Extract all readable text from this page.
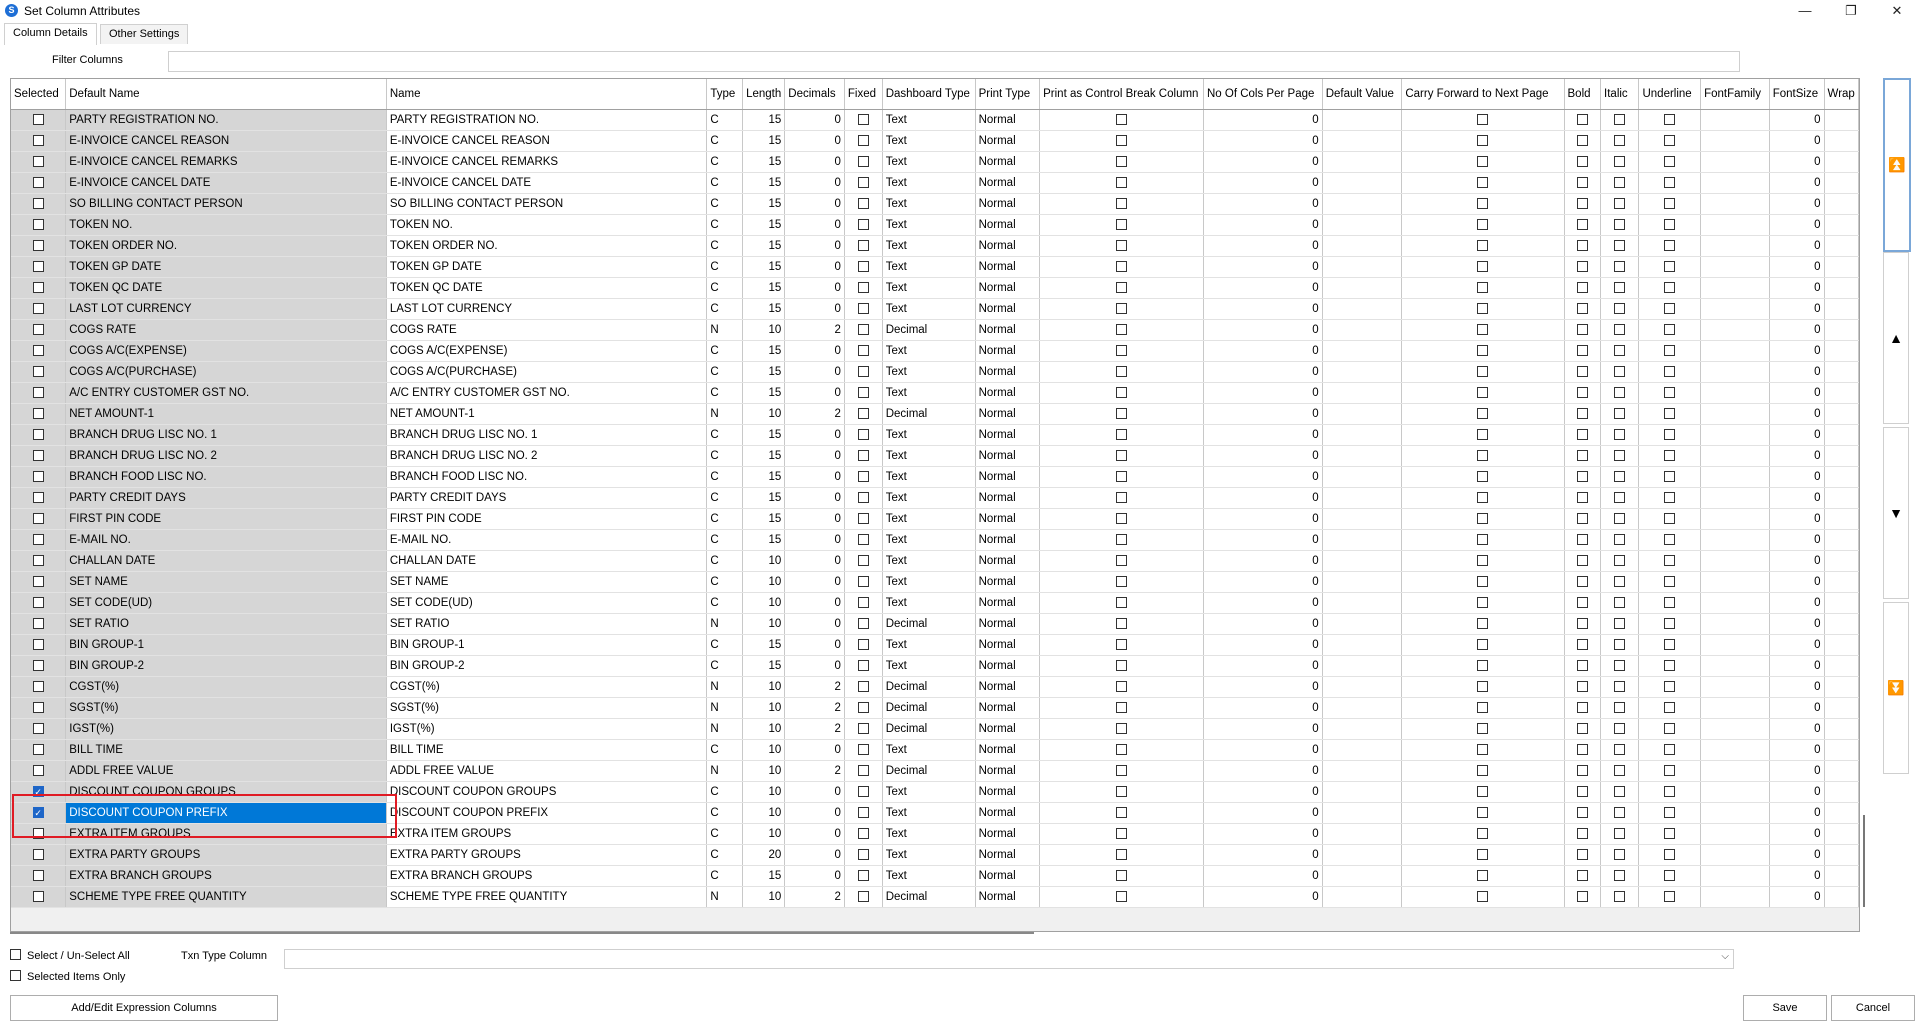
S Set Column Attributes	—	❐	✕
Column Details	Other Settings
Filter Columns
Selected	Default Name	Name	Type	Length	Decimals	Fixed	Dashboard Type	Print Type	Print as Control Break Column	No Of Cols Per Page	Default Value	Carry Forward to Next Page	Bold	Italic	Underline	FontFamily	FontSize	Wrap
	PARTY REGISTRATION NO.	PARTY REGISTRATION NO.	C	15	0		Text	Normal		0							0	
	E-INVOICE CANCEL REASON	E-INVOICE CANCEL REASON	C	15	0		Text	Normal		0							0	
	E-INVOICE CANCEL REMARKS	E-INVOICE CANCEL REMARKS	C	15	0		Text	Normal		0							0	
	E-INVOICE CANCEL DATE	E-INVOICE CANCEL DATE	C	15	0		Text	Normal		0							0	
	SO BILLING CONTACT PERSON	SO BILLING CONTACT PERSON	C	15	0		Text	Normal		0							0	
	TOKEN NO.	TOKEN NO.	C	15	0		Text	Normal		0							0	
	TOKEN ORDER NO.	TOKEN ORDER NO.	C	15	0		Text	Normal		0							0	
	TOKEN GP DATE	TOKEN GP DATE	C	15	0		Text	Normal		0							0	
	TOKEN QC DATE	TOKEN QC DATE	C	15	0		Text	Normal		0							0	
	LAST LOT CURRENCY	LAST LOT CURRENCY	C	15	0		Text	Normal		0							0	
	COGS RATE	COGS RATE	N	10	2		Decimal	Normal		0							0	
	COGS A/C(EXPENSE)	COGS A/C(EXPENSE)	C	15	0		Text	Normal		0							0	
	COGS A/C(PURCHASE)	COGS A/C(PURCHASE)	C	15	0		Text	Normal		0							0	
	A/C ENTRY CUSTOMER GST NO.	A/C ENTRY CUSTOMER GST NO.	C	15	0		Text	Normal		0							0	
	NET AMOUNT-1	NET AMOUNT-1	N	10	2		Decimal	Normal		0							0	
	BRANCH DRUG LISC NO. 1	BRANCH DRUG LISC NO. 1	C	15	0		Text	Normal		0							0	
	BRANCH DRUG LISC NO. 2	BRANCH DRUG LISC NO. 2	C	15	0		Text	Normal		0							0	
	BRANCH FOOD LISC NO.	BRANCH FOOD LISC NO.	C	15	0		Text	Normal		0							0	
	PARTY CREDIT DAYS	PARTY CREDIT DAYS	C	15	0		Text	Normal		0							0	
	FIRST PIN CODE	FIRST PIN CODE	C	15	0		Text	Normal		0							0	
	E-MAIL NO.	E-MAIL NO.	C	15	0		Text	Normal		0							0	
	CHALLAN DATE	CHALLAN DATE	C	10	0		Text	Normal		0							0	
	SET NAME	SET NAME	C	10	0		Text	Normal		0							0	
	SET CODE(UD)	SET CODE(UD)	C	10	0		Text	Normal		0							0	
	SET RATIO	SET RATIO	N	10	0		Decimal	Normal		0							0	
	BIN GROUP-1	BIN GROUP-1	C	15	0		Text	Normal		0							0	
	BIN GROUP-2	BIN GROUP-2	C	15	0		Text	Normal		0							0	
	CGST(%)	CGST(%)	N	10	2		Decimal	Normal		0							0	
	SGST(%)	SGST(%)	N	10	2		Decimal	Normal		0							0	
	IGST(%)	IGST(%)	N	10	2		Decimal	Normal		0							0	
	BILL TIME	BILL TIME	C	10	0		Text	Normal		0							0	
	ADDL FREE VALUE	ADDL FREE VALUE	N	10	2		Decimal	Normal		0							0	
✓	DISCOUNT COUPON GROUPS	DISCOUNT COUPON GROUPS	C	10	0		Text	Normal		0							0	
✓	DISCOUNT COUPON PREFIX	DISCOUNT COUPON PREFIX	C	10	0		Text	Normal		0							0	
	EXTRA ITEM GROUPS	EXTRA ITEM GROUPS	C	10	0		Text	Normal		0							0	
	EXTRA PARTY GROUPS	EXTRA PARTY GROUPS	C	20	0		Text	Normal		0							0	
	EXTRA BRANCH GROUPS	EXTRA BRANCH GROUPS	C	15	0		Text	Normal		0							0	
	SCHEME TYPE FREE QUANTITY	SCHEME TYPE FREE QUANTITY	N	10	2		Decimal	Normal		0							0	
⏫
▲
▼
⏬
Select / Un-Select All
Selected Items Only
Txn Type Column	⌵
Add/Edit Expression Columns	Save	Cancel
